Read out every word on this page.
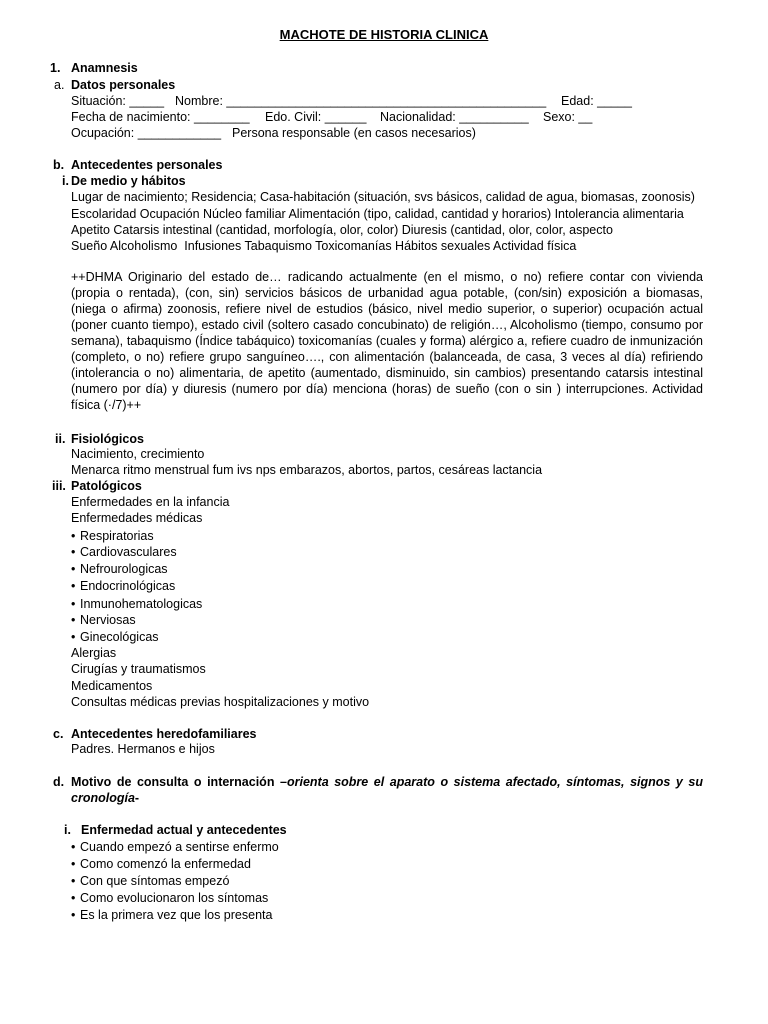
MACHOTE DE HISTORIA CLINICA
1. Anamnesis
a. Datos personales
Situación: _____ Nombre: ______________________________________________ Edad: _____
Fecha de nacimiento: ________ Edo. Civil: ______ Nacionalidad: __________ Sexo: __
Ocupación: ____________ Persona responsable (en casos necesarios)
b. Antecedentes personales
i. De medio y hábitos
Lugar de nacimiento; Residencia; Casa-habitación (situación, svs básicos, calidad de agua, biomasas, zoonosis)
Escolaridad Ocupación Núcleo familiar Alimentación (tipo, calidad, cantidad y horarios) Intolerancia alimentaria
Apetito Catarsis intestinal (cantidad, morfología, olor, color) Diuresis (cantidad, olor, color, aspecto
Sueño Alcoholismo  Infusiones Tabaquismo Toxicomanías Hábitos sexuales Actividad física
++DHMA Originario del estado de… radicando actualmente (en el mismo, o no) refiere contar con vivienda (propia o rentada), (con, sin) servicios básicos de urbanidad agua potable, (con/sin) exposición a biomasas, (niega o afirma) zoonosis, refiere nivel de estudios (básico, nivel medio superior, o superior) ocupación actual (poner cuanto tiempo), estado civil (soltero casado concubinato) de religión…, Alcoholismo (tiempo, consumo por semana), tabaquismo (Índice tabáquico) toxicomanías (cuales y forma) alérgico a, refiere cuadro de inmunización (completo, o no) refiere grupo sanguíneo…., con alimentación (balanceada, de casa, 3 veces al día) refiriendo (intolerancia o no) alimentaria, de apetito (aumentado, disminuido, sin cambios) presentando catarsis intestinal (numero por día) y diuresis (numero por día) menciona (horas) de sueño (con o sin ) interrupciones. Actividad física (·/7)++
ii. Fisiológicos
Nacimiento, crecimiento
Menarca ritmo menstrual fum ivs nps embarazos, abortos, partos, cesáreas lactancia
iii. Patológicos
Enfermedades en la infancia
Enfermedades médicas
• Respiratorias
• Cardiovasculares
• Nefrourologicas
• Endocrinológicas
• Inmunohematologicas
• Nerviosas
• Ginecológicas
Alergias
Cirugías y traumatismos
Medicamentos
Consultas médicas previas hospitalizaciones y motivo
c. Antecedentes heredofamiliares
Padres. Hermanos e hijos
d. Motivo de consulta o internación –orienta sobre el aparato o sistema afectado, síntomas, signos y su cronología-
i. Enfermedad actual y antecedentes
• Cuando empezó a sentirse enfermo
• Como comenzó la enfermedad
• Con que síntomas empezó
• Como evolucionaron los síntomas
• Es la primera vez que los presenta
